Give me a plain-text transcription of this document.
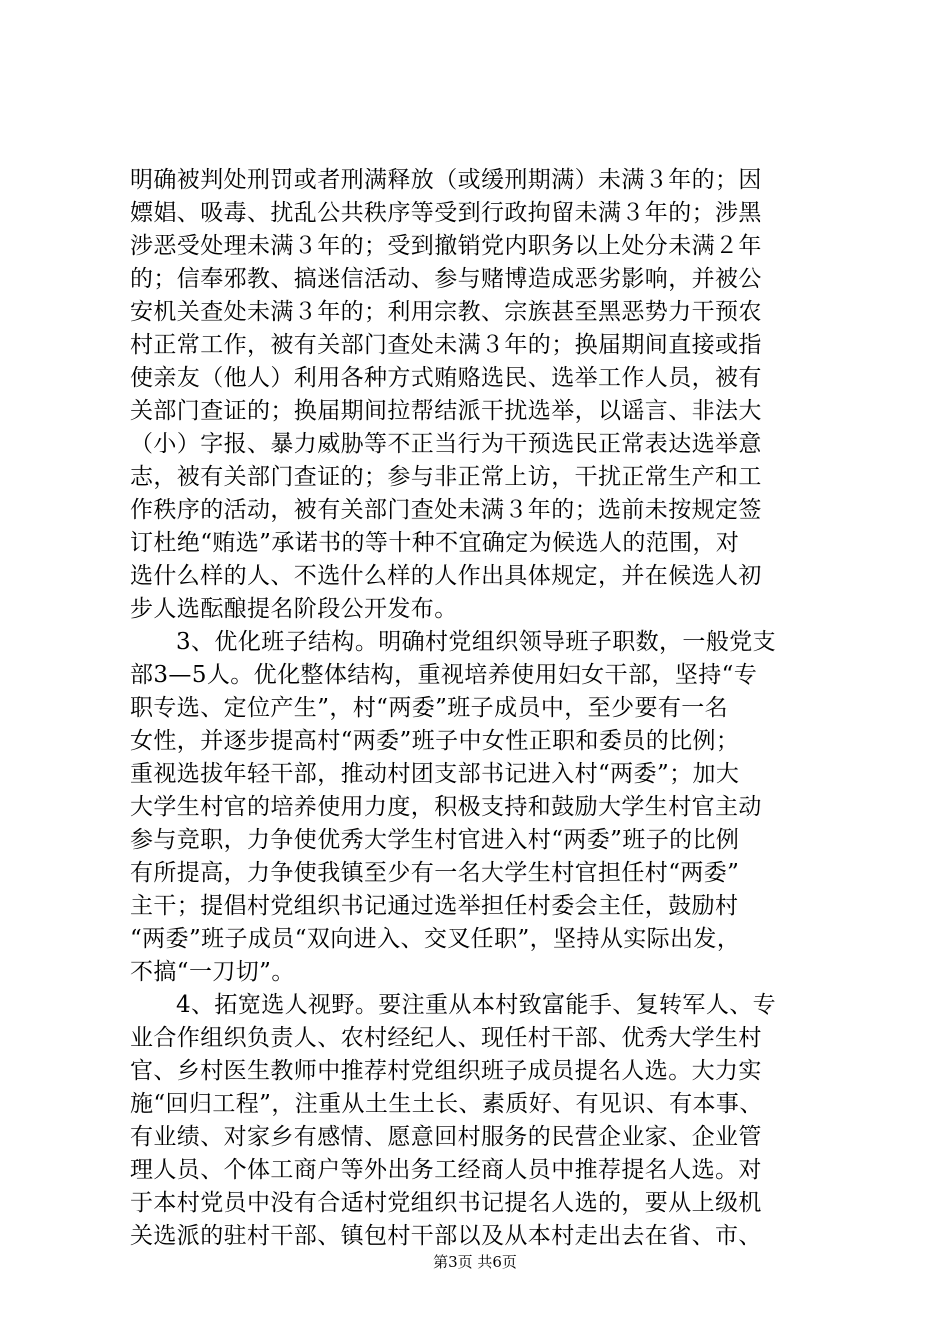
明确被判处刑罚或者刑满释放（或缓刑期满）未满３年的；因
嫖娼、吸毒、扰乱公共秩序等受到行政拘留未满３年的；涉黑
涉恶受处理未满３年的；受到撤销党内职务以上处分未满２年
的；信奉邪教、搞迷信活动、参与赌博造成恶劣影响，并被公
安机关查处未满３年的；利用宗教、宗族甚至黑恶势力干预农
村正常工作，被有关部门查处未满３年的；换届期间直接或指
使亲友（他人）利用各种方式贿赂选民、选举工作人员，被有
关部门查证的；换届期间拉帮结派干扰选举，以谣言、非法大
（小）字报、暴力威胁等不正当行为干预选民正常表达选举意
志，被有关部门查证的；参与非正常上访，干扰正常生产和工
作秩序的活动，被有关部门查处未满３年的；选前未按规定签
订杜绝“贿选”承诺书的等十种不宜确定为候选人的范围，对
选什么样的人、不选什么样的人作出具体规定，并在候选人初
步人选酝酿提名阶段公开发布。
3、优化班子结构。明确村党组织领导班子职数，一般党支
部3—5人。优化整体结构，重视培养使用妇女干部，坚持“专
职专选、定位产生”，村“两委”班子成员中，至少要有一名
女性，并逐步提高村“两委”班子中女性正职和委员的比例；
重视选拔年轻干部，推动村团支部书记进入村“两委”；加大
大学生村官的培养使用力度，积极支持和鼓励大学生村官主动
参与竞职，力争使优秀大学生村官进入村“两委”班子的比例
有所提高，力争使我镇至少有一名大学生村官担任村“两委”
主干；提倡村党组织书记通过选举担任村委会主任，鼓励村
“两委”班子成员“双向进入、交叉任职”，坚持从实际出发，
不搞“一刀切”。
4、拓宽选人视野。要注重从本村致富能手、复转军人、专
业合作组织负责人、农村经纪人、现任村干部、优秀大学生村
官、乡村医生教师中推荐村党组织班子成员提名人选。大力实
施“回归工程”，注重从土生土长、素质好、有见识、有本事、
有业绩、对家乡有感情、愿意回村服务的民营企业家、企业管
理人员、个体工商户等外出务工经商人员中推荐提名人选。对
于本村党员中没有合适村党组织书记提名人选的，要从上级机
关选派的驻村干部、镇包村干部以及从本村走出去在省、市、
第3页 共6页
